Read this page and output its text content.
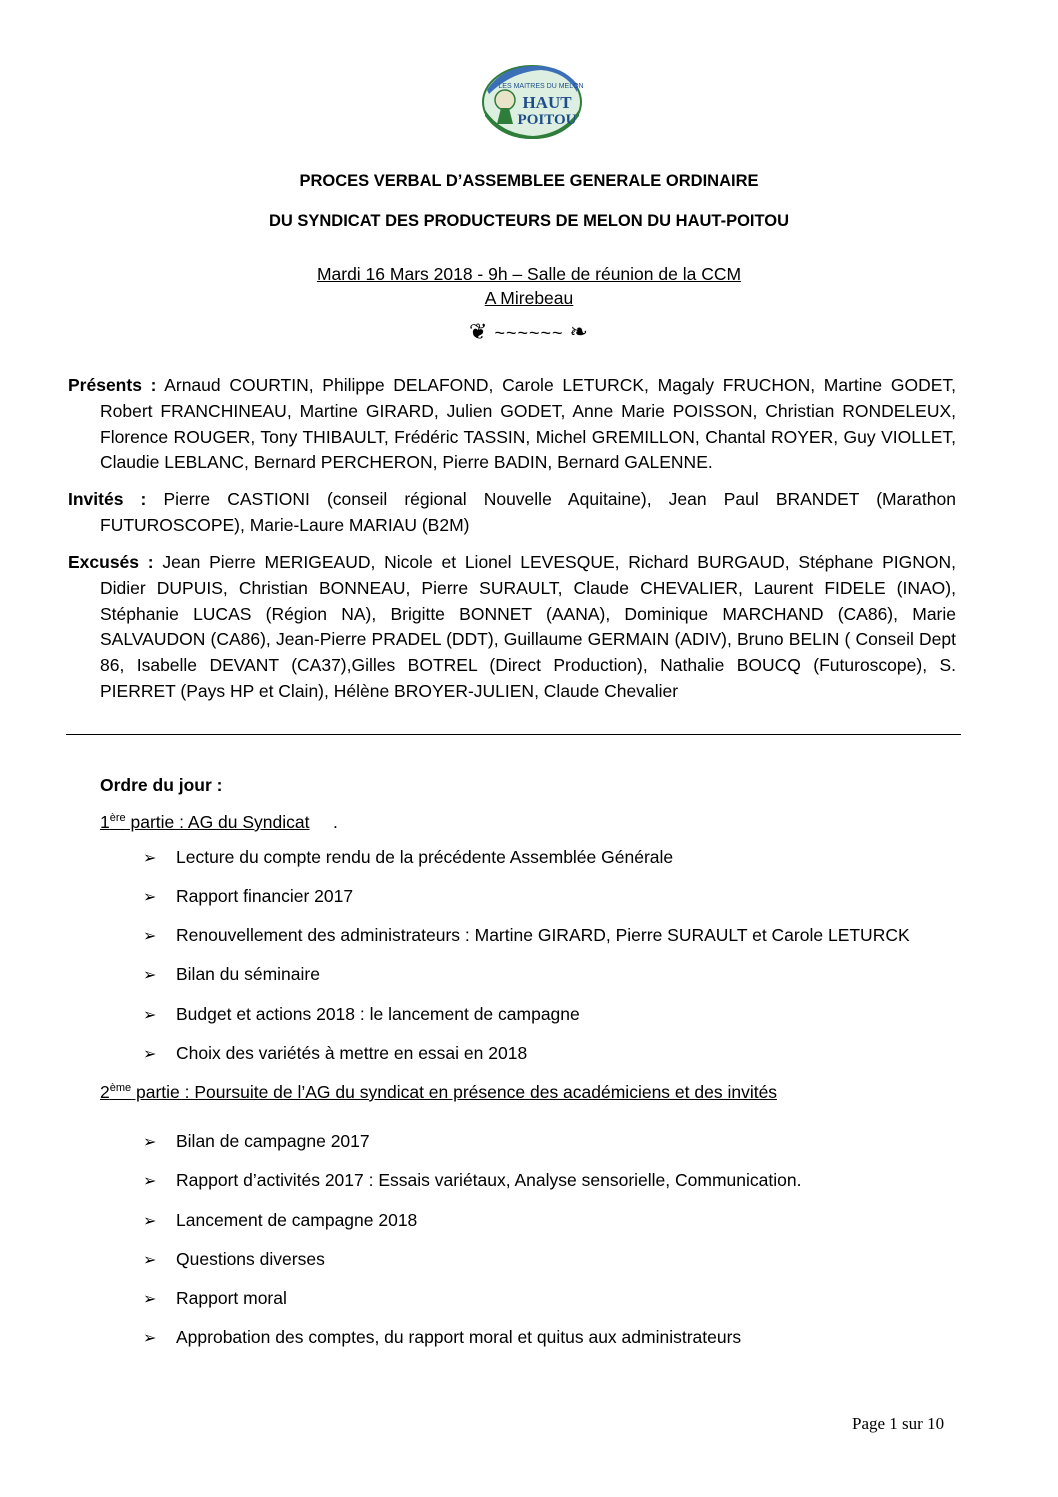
LES MAITRES DU MELON
HAUT
POITOU
PROCES VERBAL D’ASSEMBLEE GENERALE ORDINAIRE
DU SYNDICAT DES PRODUCTEURS DE MELON DU HAUT-POITOU
Mardi 16 Mars 2018 - 9h – Salle de réunion de la CCM
A Mirebeau
❦ ~~~~~~ ❧
Présents : Arnaud COURTIN, Philippe DELAFOND, Carole LETURCK, Magaly FRUCHON, Martine GODET, Robert FRANCHINEAU, Martine GIRARD, Julien GODET, Anne Marie POISSON, Christian RONDELEUX, Florence ROUGER, Tony THIBAULT, Frédéric TASSIN, Michel GREMILLON, Chantal ROYER, Guy VIOLLET, Claudie LEBLANC, Bernard PERCHERON, Pierre BADIN, Bernard GALENNE.
Invités : Pierre CASTIONI (conseil régional Nouvelle Aquitaine), Jean Paul BRANDET (Marathon FUTUROSCOPE), Marie-Laure MARIAU (B2M)
Excusés : Jean Pierre MERIGEAUD, Nicole et Lionel LEVESQUE, Richard BURGAUD, Stéphane PIGNON, Didier DUPUIS, Christian BONNEAU, Pierre SURAULT, Claude CHEVALIER, Laurent FIDELE (INAO), Stéphanie LUCAS (Région NA), Brigitte BONNET (AANA), Dominique MARCHAND (CA86), Marie SALVAUDON (CA86), Jean-Pierre PRADEL (DDT), Guillaume GERMAIN (ADIV), Bruno BELIN ( Conseil Dept 86, Isabelle DEVANT (CA37),Gilles BOTREL (Direct Production), Nathalie BOUCQ (Futuroscope), S. PIERRET (Pays HP et Clain), Hélène BROYER-JULIEN, Claude Chevalier
Ordre du jour :
1ère partie : AG du Syndicat .
➢ Lecture du compte rendu de la précédente Assemblée Générale
➢ Rapport financier 2017
➢ Renouvellement des administrateurs : Martine GIRARD, Pierre SURAULT et Carole LETURCK
➢ Bilan du séminaire
➢ Budget et actions 2018 : le lancement de campagne
➢ Choix des variétés à mettre en essai en 2018
2ème partie : Poursuite de l’AG du syndicat en présence des académiciens et des invités
➢ Bilan de campagne 2017
➢ Rapport d’activités 2017 : Essais variétaux, Analyse sensorielle, Communication.
➢ Lancement de campagne 2018
➢ Questions diverses
➢ Rapport moral
➢ Approbation des comptes, du rapport moral et quitus aux administrateurs
Page 1 sur 10
